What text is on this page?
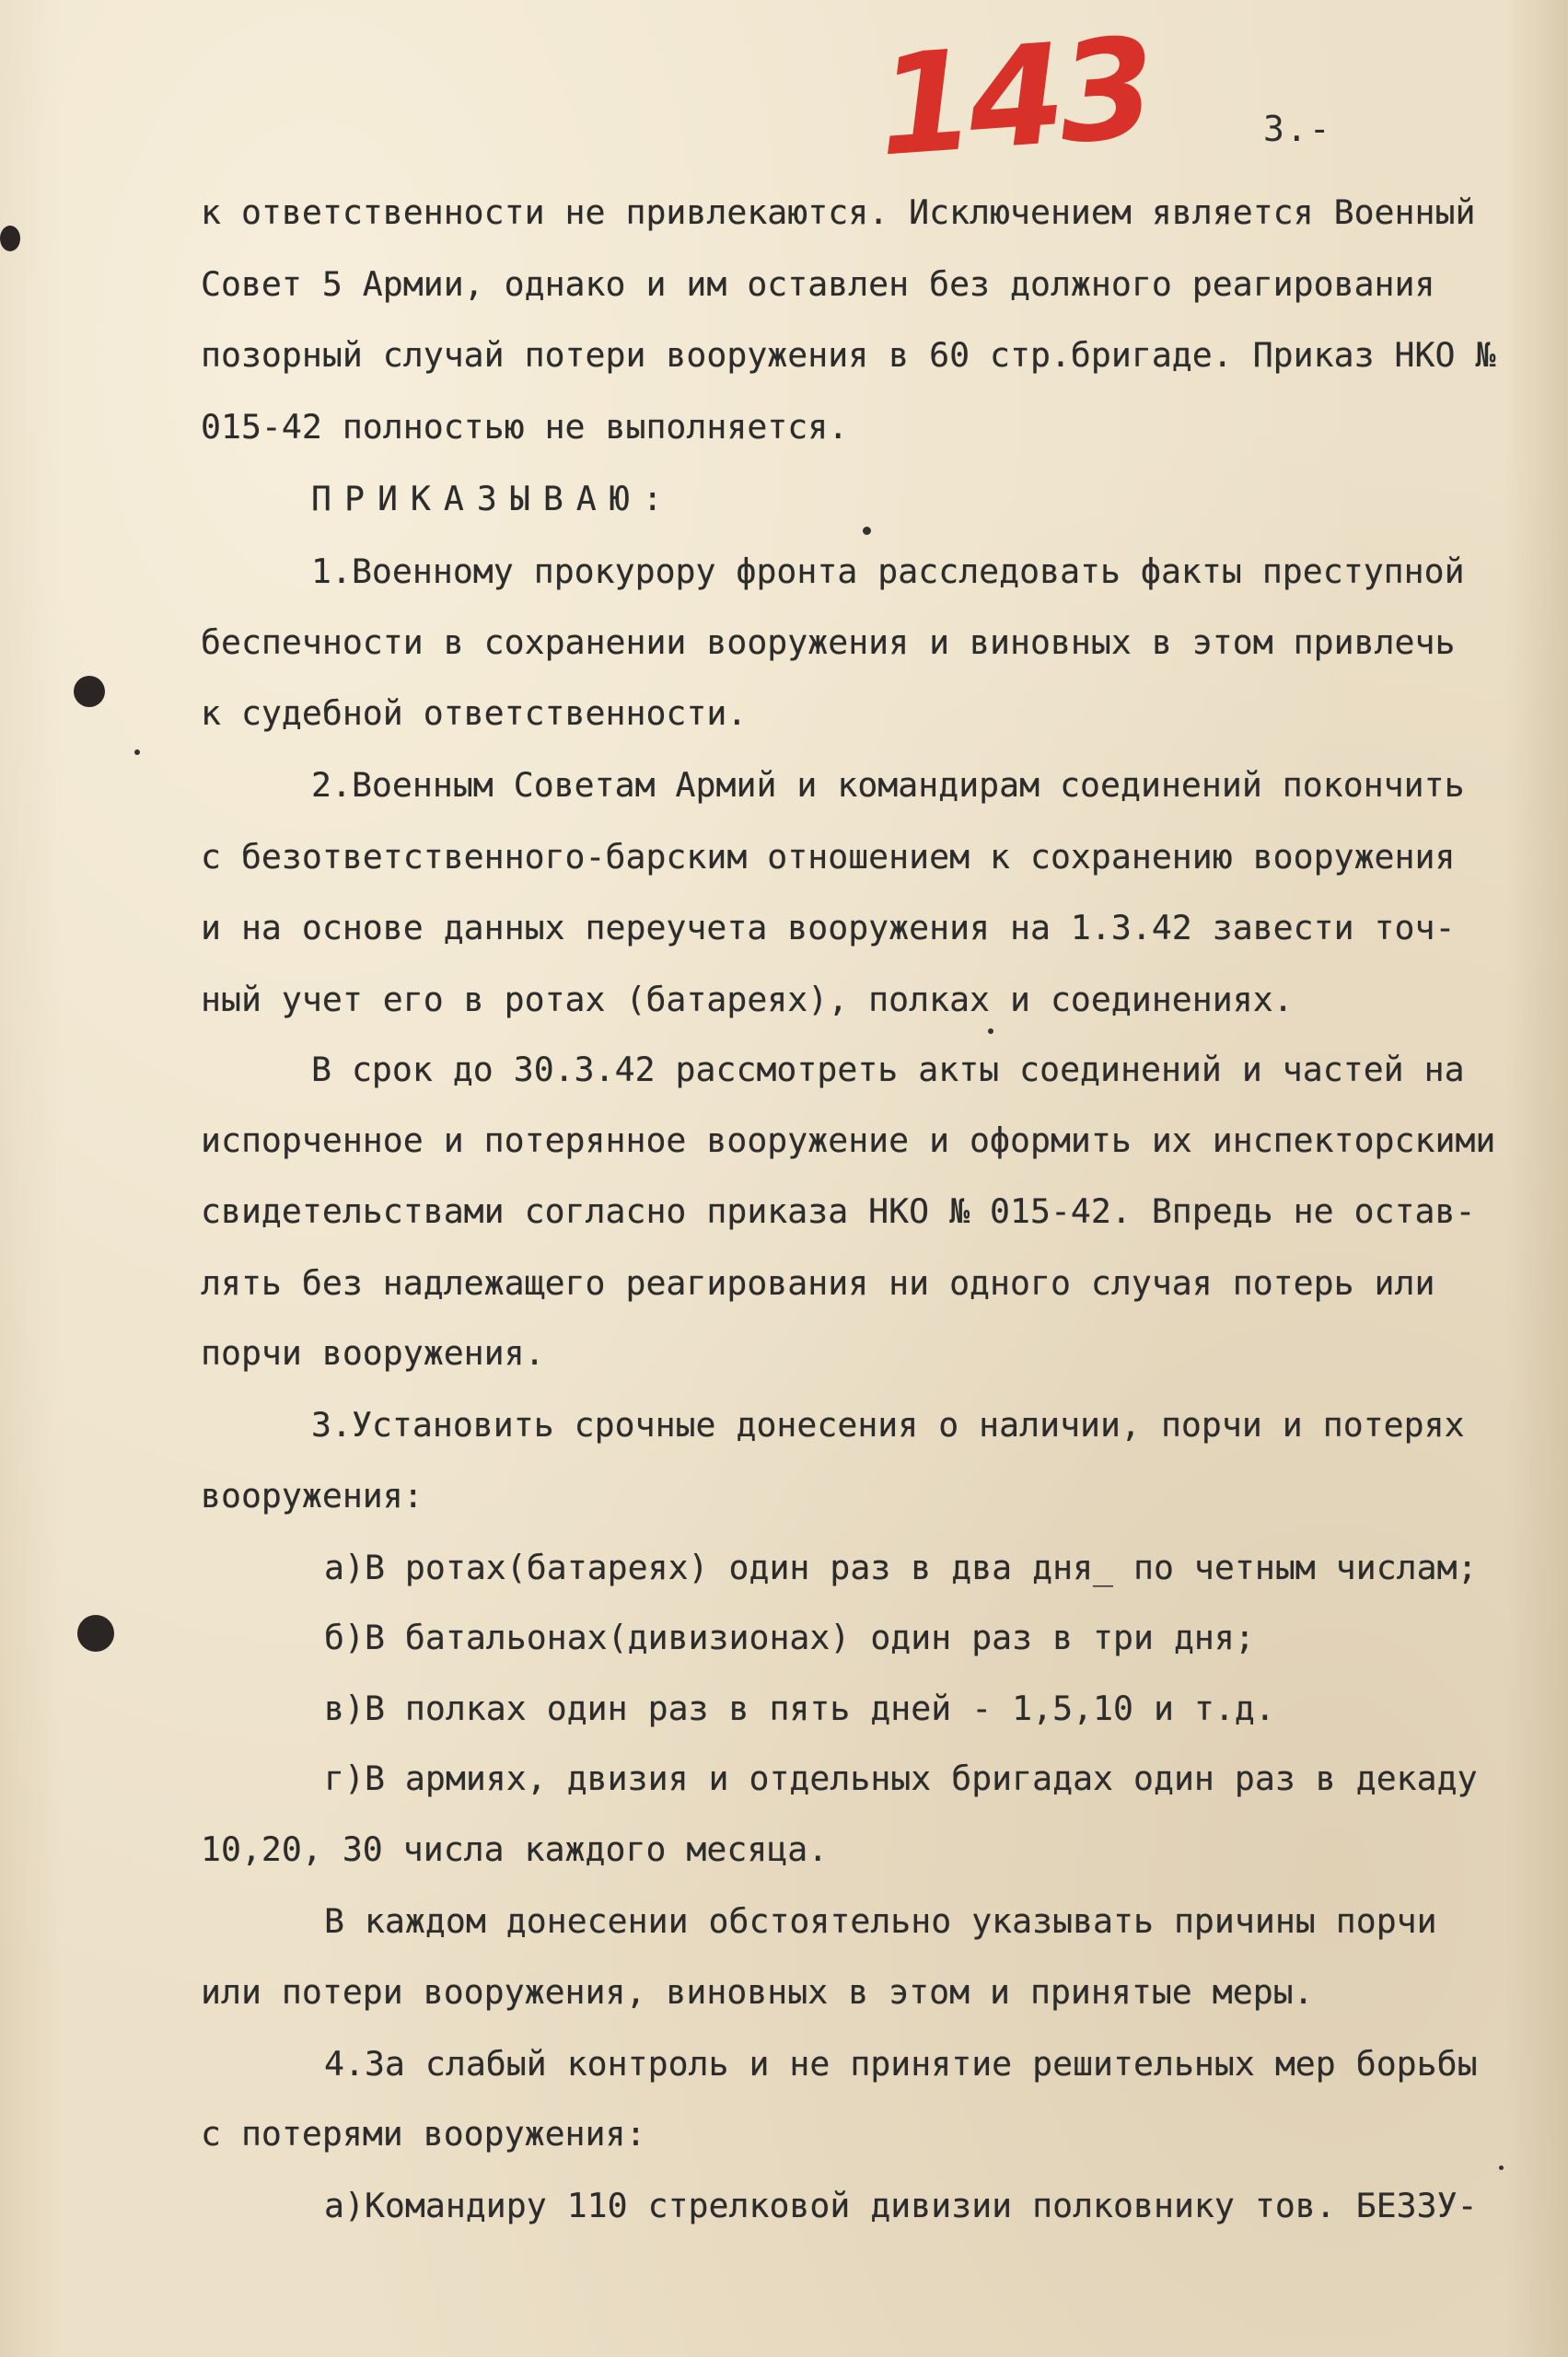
143	3.-
к ответственности не привлекаются. Исключением является Военный
Совет 5 Армии, однако и им оставлен без должного реагирования
позорный случай потери вооружения в 60 стр.бригаде. Приказ НКО №
015-42 полностью не выполняется.
ПРИКАЗЫВАЮ:
1.Военному прокурору фронта расследовать факты преступной
беспечности в сохранении вооружения и виновных в этом привлечь
к судебной ответственности.
2.Военным Советам Армий и командирам соединений покончить
с безответственного-барским отношением к сохранению вооружения
и на основе данных переучета вооружения на 1.3.42 завести точ-
ный учет его в ротах (батареях), полках и соединениях.
В срок до 30.3.42 рассмотреть акты соединений и частей на
испорченное и потерянное вооружение и оформить их инспекторскими
свидетельствами согласно приказа НКО № 015-42. Впредь не остав-
лять без надлежащего реагирования ни одного случая потерь или
порчи вооружения.
3.Установить срочные донесения о наличии, порчи и потерях
вооружения:
а)В ротах(батареях) один раз в два дня_ по четным числам;
б)В батальонах(дивизионах) один раз в три дня;
в)В полках один раз в пять дней - 1,5,10 и т.д.
г)В армиях, двизия и отдельных бригадах один раз в декаду
10,20, 30 числа каждого месяца.
В каждом донесении обстоятельно указывать причины порчи
или потери вооружения, виновных в этом и принятые меры.
4.За слабый контроль и не принятие решительных мер борьбы
с потерями вооружения:
а)Командиру 110 стрелковой дивизии полковнику тов. БЕЗЗУ-
